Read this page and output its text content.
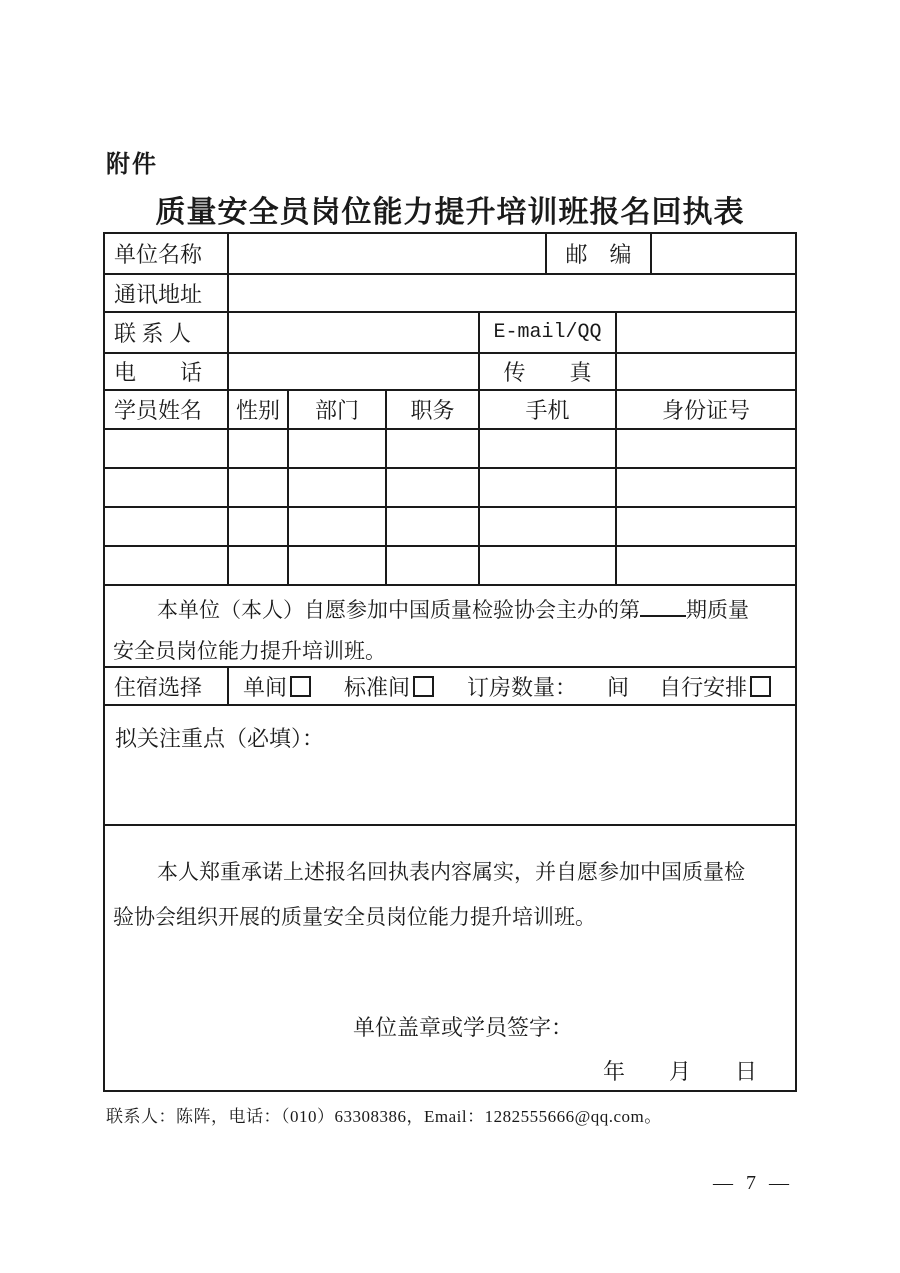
附件
质量安全员岗位能力提升培训班报名回执表
单位名称	邮　编
通讯地址
联 系 人	E-mail/QQ
电　　话	传　　真
学员姓名	性别	部门	职务	手机	身份证号
本单位（本人）自愿参加中国质量检验协会主办的第 期质量
安全员岗位能力提升培训班。
住宿选择	单间	标准间	订房数量： 间 自行安排
拟关注重点（必填）：
本人郑重承诺上述报名回执表内容属实，并自愿参加中国质量检
验协会组织开展的质量安全员岗位能力提升培训班。
单位盖章或学员签字：
年　　月　　日
联系人：陈阵，电话：（010）63308386，Email：1282555666@qq.com。
— 7 —
